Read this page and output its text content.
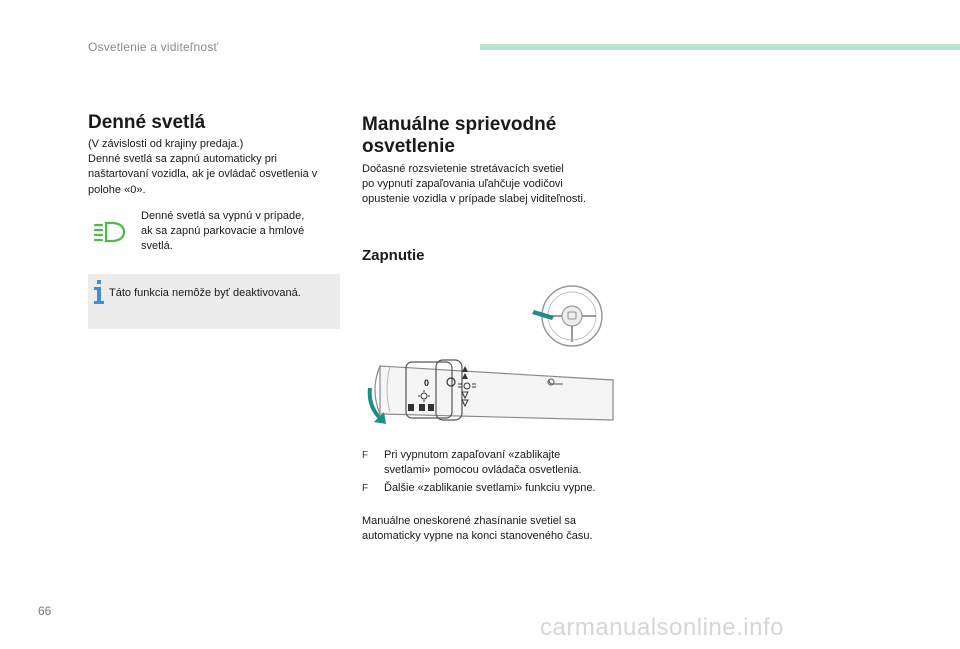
Osvetlenie a viditeľnosť
Denné svetlá
(V závislosti od krajiny predaja.)
Denné svetlá sa zapnú automaticky pri
naštartovaní vozidla, ak je ovládač osvetlenia v
polohe «0».
Denné svetlá sa vypnú v prípade,
ak sa zapnú parkovacie a hmlové
svetlá.
Táto funkcia nemôže byť deaktivovaná.
Manuálne sprievodné
osvetlenie
Dočasné rozsvietenie stretávacích svetiel
po vypnutí zapaľovania uľahčuje vodičovi
opustenie vozidla v prípade slabej viditeľnosti.
Zapnutie
0
F Pri vypnutom zapaľovaní «zablikajte
svetlami» pomocou ovládača osvetlenia.
F Ďalšie «zablikanie svetlami» funkciu vypne.
Manuálne oneskorené zhasínanie svetiel sa
automaticky vypne na konci stanoveného času.
66
carmanualsonline.info
